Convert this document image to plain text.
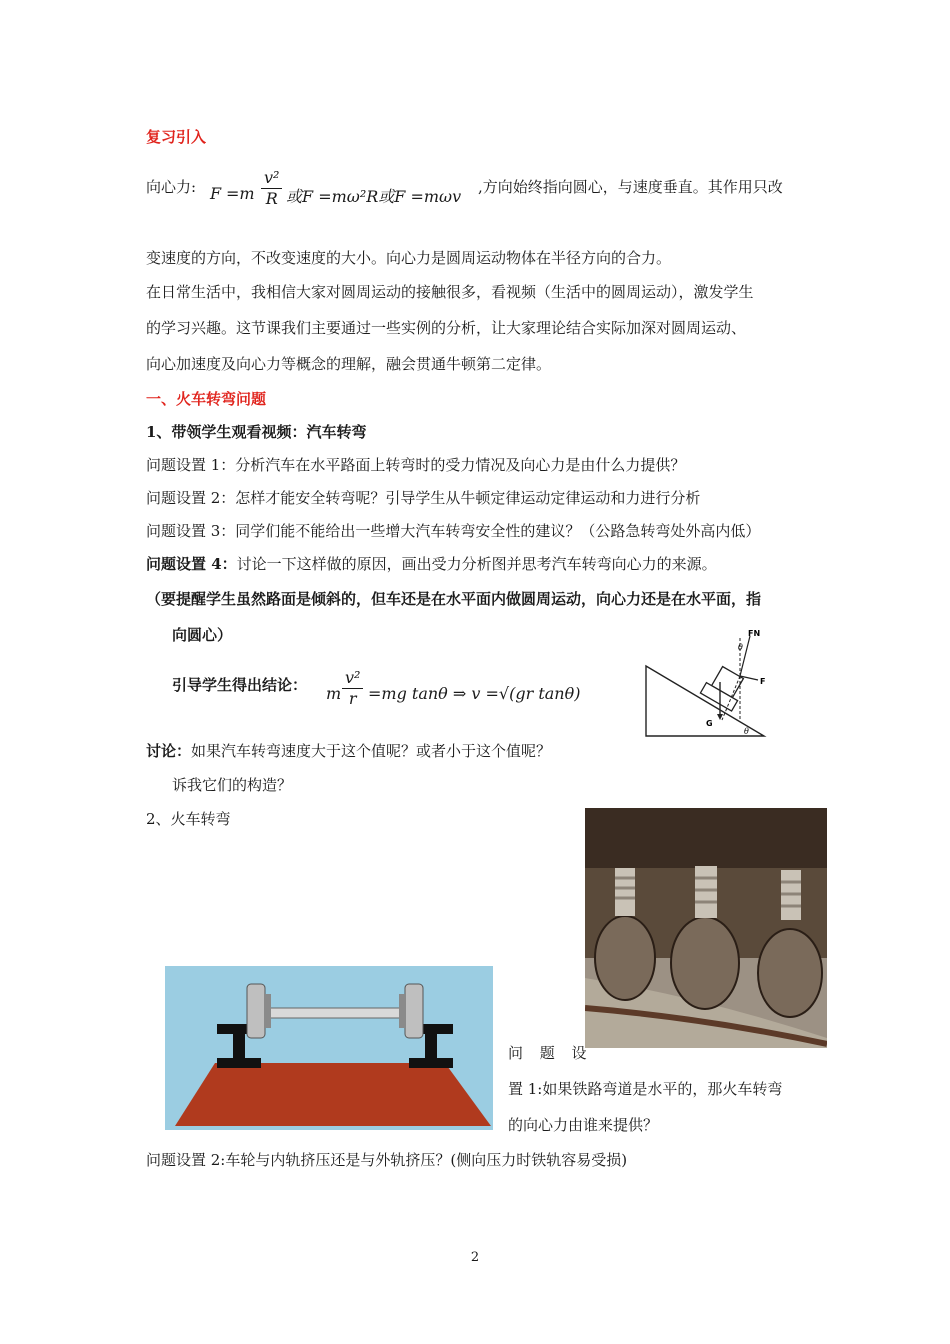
复习引入
向心力: $F =m \frac{\text{v²}}{R}$ 或F =mω²R或F =mωv ,方向始终指向圆心，与速度垂直。其作用只改
变速度的方向，不改变速度的大小。向心力是圆周运动物体在半径方向的合力。
在日常生活中，我相信大家对圆周运动的接触很多，看视频（生活中的圆周运动），激发学生
的学习兴趣。这节课我们主要通过一些实例的分析，让大家理论结合实际加深对圆周运动、
向心加速度及向心力等概念的理解，融会贯通牛顿第二定律。
一、火车转弯问题
1、带领学生观看视频：汽车转弯
问题设置 1：分析汽车在水平路面上转弯时的受力情况及向心力是由什么力提供？
问题设置 2：怎样才能安全转弯呢？引导学生从牛顿定律运动定律运动和力进行分析
问题设置 3：同学们能不能给出一些增大汽车转弯安全性的建议？（公路急转弯处外高内低）
问题设置 4：讨论一下这样做的原因，画出受力分析图并思考汽车转弯向心力的来源。
（要提醒学生虽然路面是倾斜的，但车还是在水平面内做圆周运动，向心力还是在水平面，指
向圆心）
引导学生得出结论： m $\frac{\text{v²}}{r} =mg$ tanθ ⇒ v =√(gr tanθ)
FN
θ
F
G
θ
讨论：如果汽车转弯速度大于这个值呢？或者小于这个值呢？
诉我它们的构造？
2、火车转弯
问 题 设
置 1:如果铁路弯道是水平的，那火车转弯
的向心力由谁来提供？
问题设置 2:车轮与内轨挤压还是与外轨挤压？(侧向压力时铁轨容易受损)
2
